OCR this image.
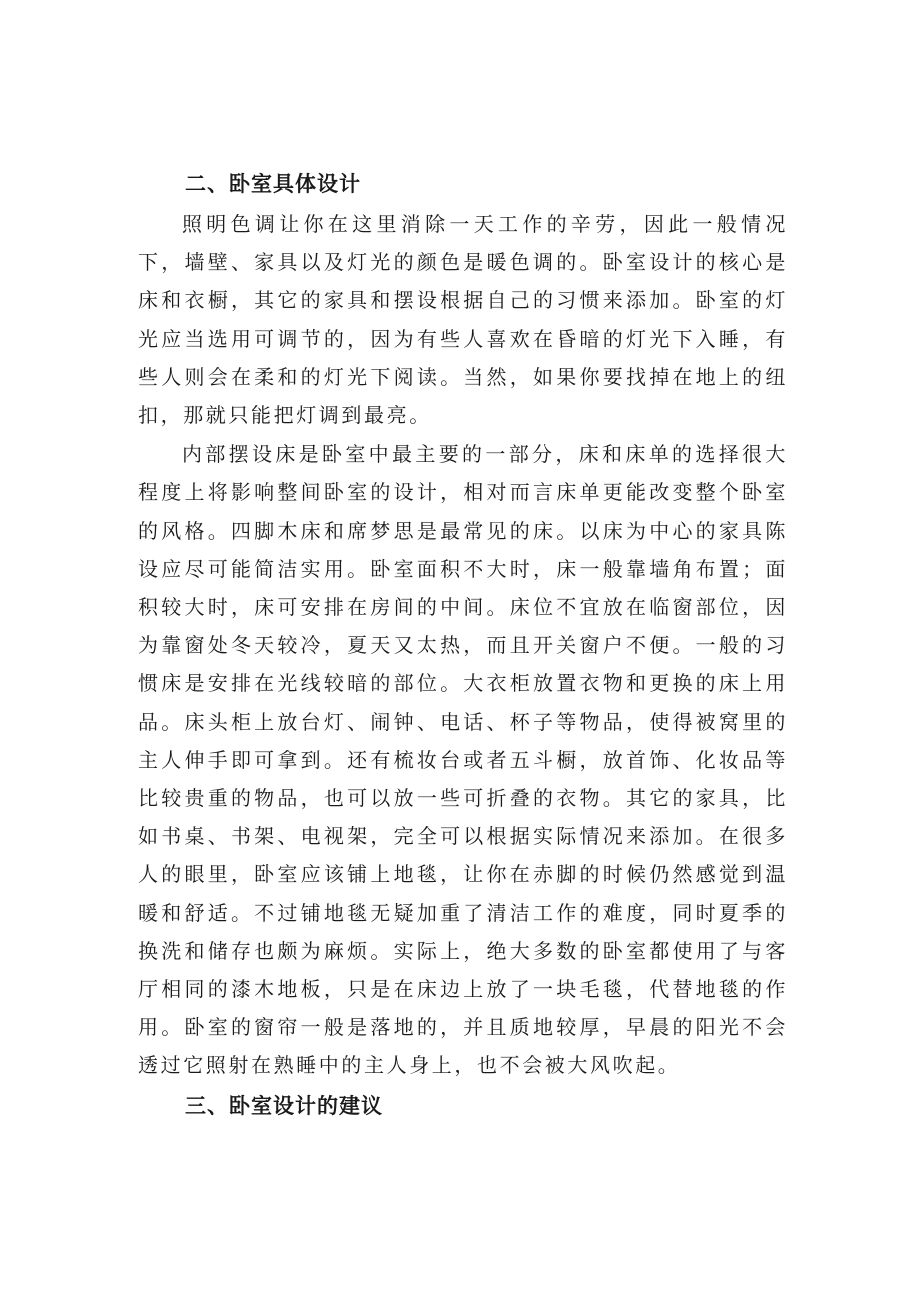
二、卧室具体设计

照明色调让你在这里消除一天工作的辛劳，因此一般情况下，墙壁、家具以及灯光的颜色是暖色调的。卧室设计的核心是床和衣橱，其它的家具和摆设根据自己的习惯来添加。卧室的灯光应当选用可调节的，因为有些人喜欢在昏暗的灯光下入睡，有些人则会在柔和的灯光下阅读。当然，如果你要找掉在地上的纽扣，那就只能把灯调到最亮。

内部摆设床是卧室中最主要的一部分，床和床单的选择很大程度上将影响整间卧室的设计，相对而言床单更能改变整个卧室的风格。四脚木床和席梦思是最常见的床。以床为中心的家具陈设应尽可能简洁实用。卧室面积不大时，床一般靠墙角布置；面积较大时，床可安排在房间的中间。床位不宜放在临窗部位，因为靠窗处冬天较冷，夏天又太热，而且开关窗户不便。一般的习惯床是安排在光线较暗的部位。大衣柜放置衣物和更换的床上用品。床头柜上放台灯、闹钟、电话、杯子等物品，使得被窝里的主人伸手即可拿到。还有梳妆台或者五斗橱，放首饰、化妆品等比较贵重的物品，也可以放一些可折叠的衣物。其它的家具，比如书桌、书架、电视架，完全可以根据实际情况来添加。在很多人的眼里，卧室应该铺上地毯，让你在赤脚的时候仍然感觉到温暖和舒适。不过铺地毯无疑加重了清洁工作的难度，同时夏季的换洗和储存也颇为麻烦。实际上，绝大多数的卧室都使用了与客厅相同的漆木地板，只是在床边上放了一块毛毯，代替地毯的作用。卧室的窗帘一般是落地的，并且质地较厚，早晨的阳光不会透过它照射在熟睡中的主人身上，也不会被大风吹起。

三、卧室设计的建议
